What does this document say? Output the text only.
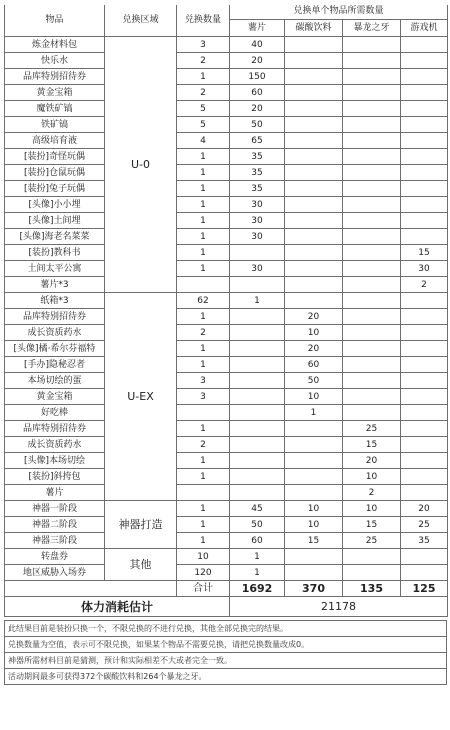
物品	兑换区域	兑换数量	兑换单个物品所需数量			
			薯片	碳酸饮料	暴龙之牙	游戏机
炼金材料包	U-0	3	40			
快乐水		2	20			
品库特别招待券		1	150			
黄金宝箱		2	60			
魔铁矿镐		5	20			
铁矿镐		5	50			
高级培育液		4	65			
[装扮]奇怪玩偶		1	35			
[装扮]仓鼠玩偶		1	35			
[装扮]兔子玩偶		1	35			
[头像]小小埋		1	30			
[头像]土间埋		1	30			
[头像]海老名菜菜		1	30			
[装扮]教科书		1				15
土间太平公寓		1	30			30
薯片*3						2
纸箱*3	U-EX	62	1			
品库特别招待券		1		20		
成长资质药水		2		10		
[头像]橘·希尔芬福特		1		20		
[手办]隐秘忍者		1		60		
本场切绘的蛋		3		50		
黄金宝箱		3		10		
好吃棒				1		
品库特别招待券		1			25	
成长资质药水		2			15	
[头像]本场切绘		1			20	
[装扮]斜挎包		1			10	
薯片					2	
神器一阶段	神器打造	1	45	10	10	20
神器二阶段		1	50	10	15	25
神器三阶段		1	60	15	25	35
转盘券	其他	10	1			
地区威胁入场券		120	1			
		合计	1692	370	135	125
体力消耗估计			21178			
此结果目前是装扮只换一个，不限兑换的不进行兑换，其他全部兑换完的结果。
兑换数量为空值，表示可不限兑换，如果某个物品不需要兑换，请把兑换数量改成0。
神器所需材料目前是猜测，预计和实际相差不大或者完全一致。
活动期间最多可获得372个碳酸饮料和264个暴龙之牙。
